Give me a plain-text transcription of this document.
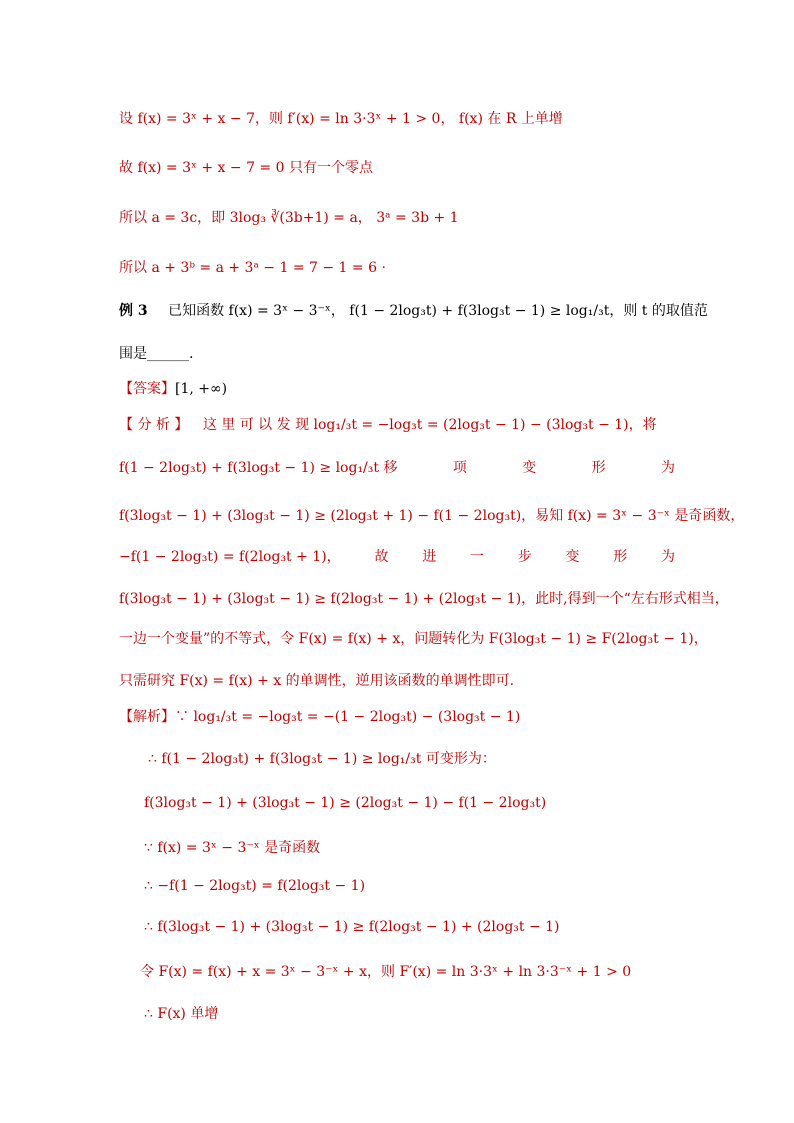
设 f(x) = 3ˣ + x − 7，则 f′(x) = ln 3·3ˣ + 1 > 0， f(x) 在 R 上单增
故 f(x) = 3ˣ + x − 7 = 0 只有一个零点
所以 a = 3c，即 3log₃ ∛(3b+1) = a， 3ᵃ = 3b + 1
所以 a + 3ᵇ = a + 3ᵃ − 1 = 7 − 1 = 6 ·
例 3 已知函数 f(x) = 3ˣ − 3⁻ˣ， f(1 − 2log₃t) + f(3log₃t − 1) ≥ log₁/₃t，则 t 的取值范
围是______.
【答案】[1, +∞)
【 分 析 】 这 里 可 以 发 现 log₁/₃t = −log₃t = (2log₃t − 1) − (3log₃t − 1)，将
f(1 − 2log₃t) + f(3log₃t − 1) ≥ log₁/₃t 移	项	变	形	为
f(3log₃t − 1) + (3log₃t − 1) ≥ (2log₃t + 1) − f(1 − 2log₃t)，易知 f(x) = 3ˣ − 3⁻ˣ 是奇函数，
−f(1 − 2log₃t) = f(2log₃t + 1)， 故 进 一 步 变 形 为
f(3log₃t − 1) + (3log₃t − 1) ≥ f(2log₃t − 1) + (2log₃t − 1)，此时,得到一个“左右形式相当，
一边一个变量”的不等式，令 F(x) = f(x) + x，问题转化为 F(3log₃t − 1) ≥ F(2log₃t − 1)，
只需研究 F(x) = f(x) + x 的单调性，逆用该函数的单调性即可.
【解析】∵ log₁/₃t = −log₃t = −(1 − 2log₃t) − (3log₃t − 1)
∴ f(1 − 2log₃t) + f(3log₃t − 1) ≥ log₁/₃t 可变形为：
f(3log₃t − 1) + (3log₃t − 1) ≥ (2log₃t − 1) − f(1 − 2log₃t)
∵ f(x) = 3ˣ − 3⁻ˣ 是奇函数
∴ −f(1 − 2log₃t) = f(2log₃t − 1)
∴ f(3log₃t − 1) + (3log₃t − 1) ≥ f(2log₃t − 1) + (2log₃t − 1)
令 F(x) = f(x) + x = 3ˣ − 3⁻ˣ + x，则 F′(x) = ln 3·3ˣ + ln 3·3⁻ˣ + 1 > 0
∴ F(x) 单增
